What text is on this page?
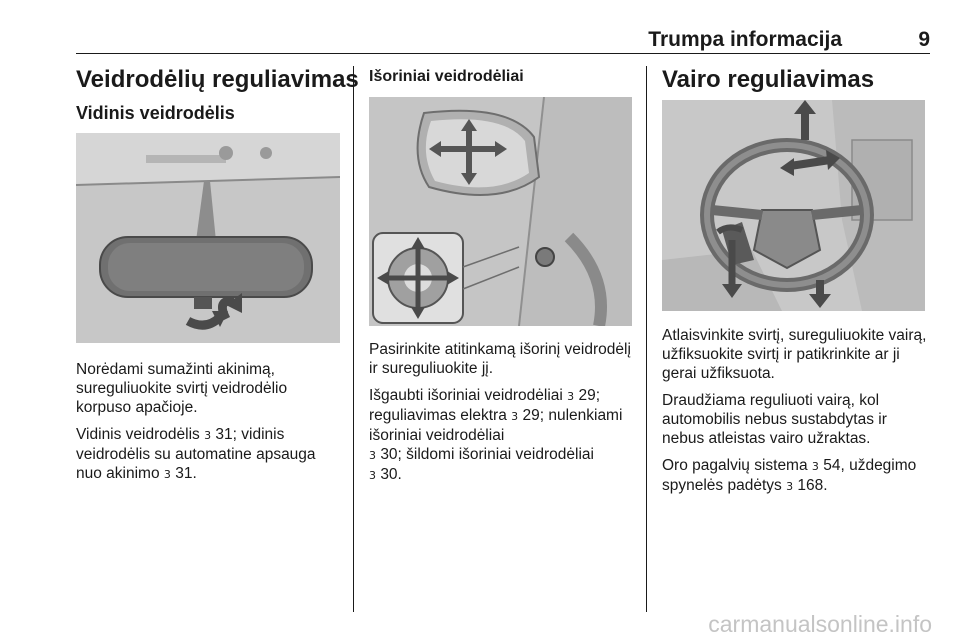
Trumpa informacija	9
Veidrodėlių reguliavimas
Vidinis veidrodėlis

Norėdami sumažinti akinimą, sureguliuokite svirtį veidrodėlio korpuso apačioje.

Vidinis veidrodėlis 3 31; vidinis veidrodėlis su automatine apsauga nuo akinimo 3 31.

Išoriniai veidrodėliai

Pasirinkite atitinkamą išorinį veidrodėlį ir sureguliuokite jį.

Išgaubti išoriniai veidrodėliai 3 29; reguliavimas elektra 3 29; nulenkiami išoriniai veidrodėliai
3 30; šildomi išoriniai veidrodėliai
3 30.

Vairo reguliavimas

Atlaisvinkite svirtį, sureguliuokite vairą, užfiksuokite svirtį ir patikrinkite ar ji gerai užfiksuota.

Draudžiama reguliuoti vairą, kol automobilis nebus sustabdytas ir nebus atleistas vairo užraktas.

Oro pagalvių sistema 3 54, uždegimo spynelės padėtys 3 168.

carmanualsonline.info
